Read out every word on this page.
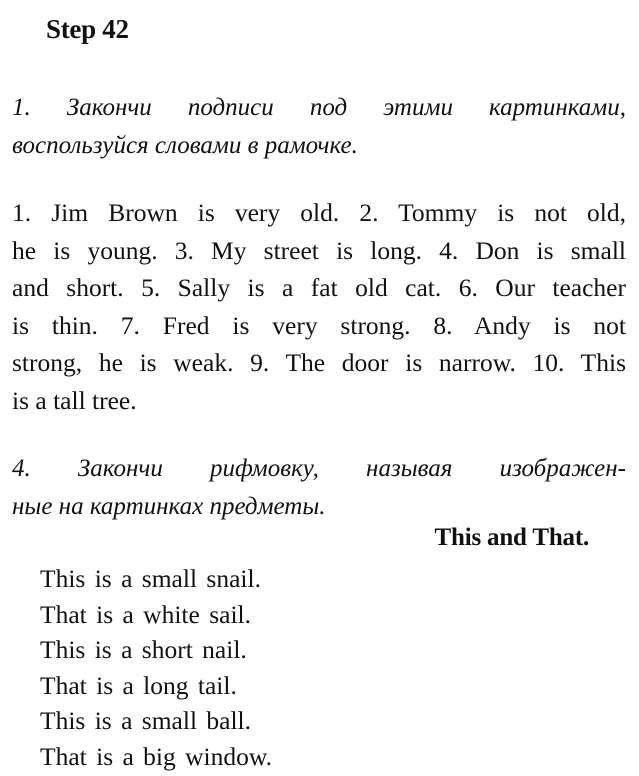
Step 42
1. Закончи подписи под этими картинками,
воспользуйся словами в рамочке.
1. Jim Brown is very old. 2. Tommy is not old,
he is young. 3. My street is long. 4. Don is small
and short. 5. Sally is a fat old cat. 6. Our teacher
is thin. 7. Fred is very strong. 8. Andy is not
strong, he is weak. 9. The door is narrow. 10. This
is a tall tree.
4. Закончи рифмовку, называя изображен-
ные на картинках предметы.
This and That.
This is a small snail.
That is a white sail.
This is a short nail.
That is a long tail.
This is a small ball.
That is a big window.
